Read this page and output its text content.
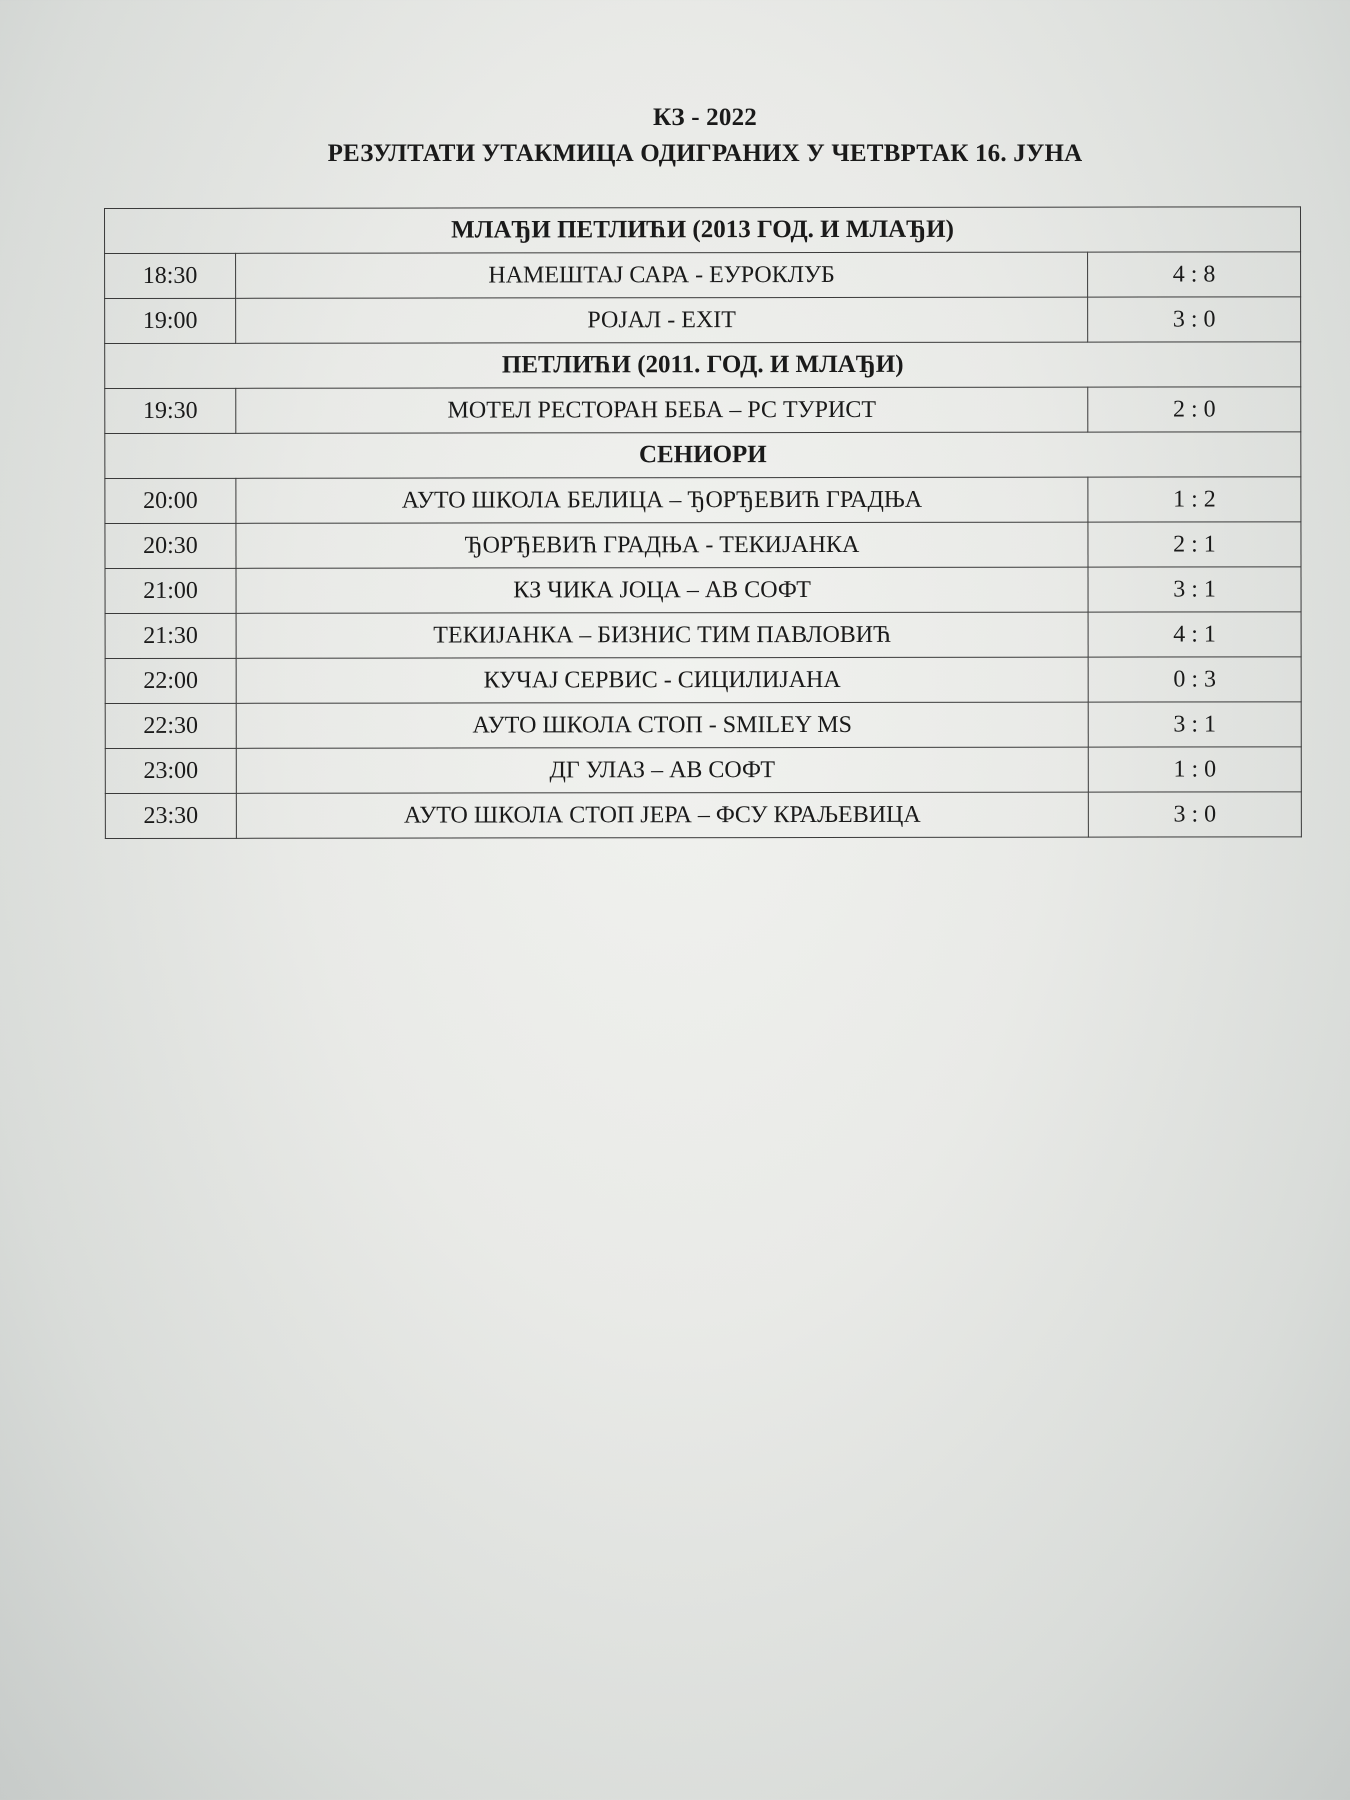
КЗ - 2022
РЕЗУЛТАТИ УТАКМИЦА ОДИГРАНИХ У ЧЕТВРТАК 16. ЈУНА
МЛАЂИ ПЕТЛИЋИ (2013 ГОД. И МЛАЂИ)		
18:30	НАМЕШТАЈ САРА - ЕУРОКЛУБ	4 : 8
19:00	РОЈАЛ - EXIT	3 : 0
ПЕТЛИЋИ (2011. ГОД. И МЛАЂИ)		
19:30	МОТЕЛ РЕСТОРАН БЕБА – РС ТУРИСТ	2 : 0
СЕНИОРИ		
20:00	АУТО ШКОЛА БЕЛИЦА – ЂОРЂЕВИЋ ГРАДЊА	1 : 2
20:30	ЂОРЂЕВИЋ ГРАДЊА - ТЕКИЈАНКА	2 : 1
21:00	КЗ ЧИКА ЈОЦА – АВ СОФТ	3 : 1
21:30	ТЕКИЈАНКА – БИЗНИС ТИМ ПАВЛОВИЋ	4 : 1
22:00	КУЧАЈ СЕРВИС - СИЦИЛИЈАНА	0 : 3
22:30	АУТО ШКОЛА СТОП - SMILEY MS	3 : 1
23:00	ДГ УЛАЗ – АВ СОФТ	1 : 0
23:30	АУТО ШКОЛА СТОП ЈЕРА – ФСУ КРАЉЕВИЦА	3 : 0
